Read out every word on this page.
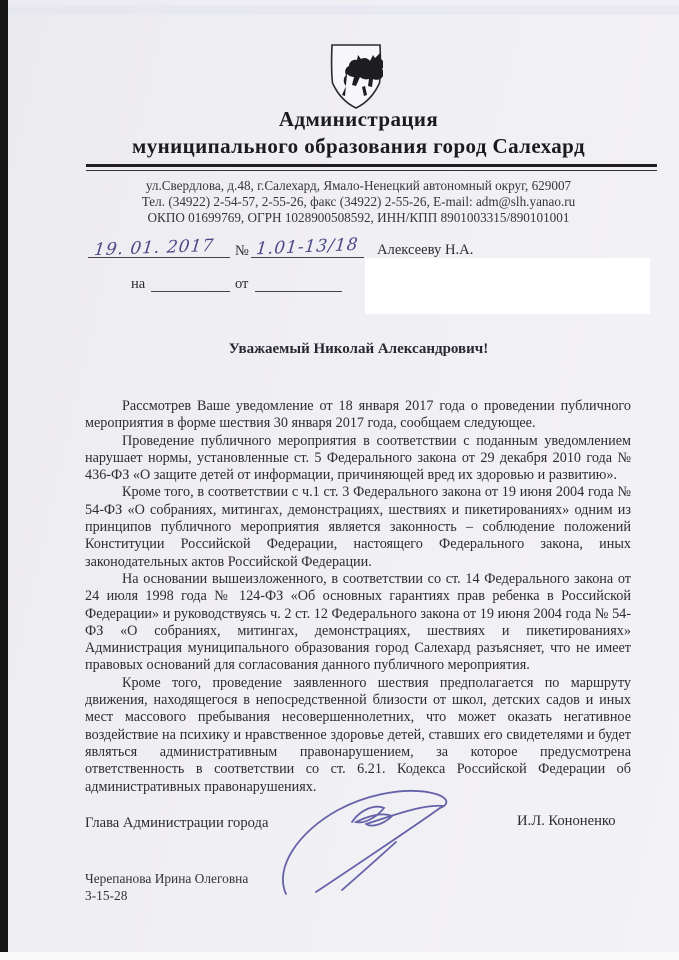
Администрация
муниципального образования город Салехард
ул.Свердлова, д.48, г.Салехард, Ямало-Ненецкий автономный округ, 629007
Тел. (34922) 2-54-57, 2-55-26, факс (34922) 2-55-26, E-mail: adm@slh.yanao.ru
ОКПО 01699769, ОГРН 1028900508592, ИНН/КПП 8901003315/890101001
19. 01. 2017 № 1.01-13/18 Алексееву Н.А.
на	от
Уважаемый Николай Александрович!

Рассмотрев Ваше уведомление от 18 января 2017 года о проведении публичного мероприятия в форме шествия 30 января 2017 года, сообщаем следующее.

Проведение публичного мероприятия в соответствии с поданным уведомлением нарушает нормы, установленные ст. 5 Федерального закона от 29 декабря 2010 года № 436-ФЗ «О защите детей от информации, причиняющей вред их здоровью и развитию».

Кроме того, в соответствии с ч.1 ст. 3 Федерального закона от 19 июня 2004 года № 54-ФЗ «О собраниях, митингах, демонстрациях, шествиях и пикетированиях» одним из принципов публичного мероприятия является законность – соблюдение положений Конституции Российской Федерации, настоящего Федерального закона, иных законодательных актов Российской Федерации.

На основании вышеизложенного, в соответствии со ст. 14 Федерального закона от 24 июля 1998 года № 124-ФЗ «Об основных гарантиях прав ребенка в Российской Федерации» и руководствуясь ч. 2 ст. 12 Федерального закона от 19 июня 2004 года № 54-ФЗ «О собраниях, митингах, демонстрациях, шествиях и пикетированиях» Администрация муниципального образования город Салехард разъясняет, что не имеет правовых оснований для согласования данного публичного мероприятия.

Кроме того, проведение заявленного шествия предполагается по маршруту движения, находящегося в непосредственной близости от школ, детских садов и иных мест массового пребывания несовершеннолетних, что может оказать негативное воздействие на психику и нравственное здоровье детей, ставших его свидетелями и будет являться административным правонарушением, за которое предусмотрена ответственность в соответствии со ст. 6.21. Кодекса Российской Федерации об административных правонарушениях.

Глава Администрации города	И.Л. Кононенко
Черепанова Ирина Олеговна
3-15-28
